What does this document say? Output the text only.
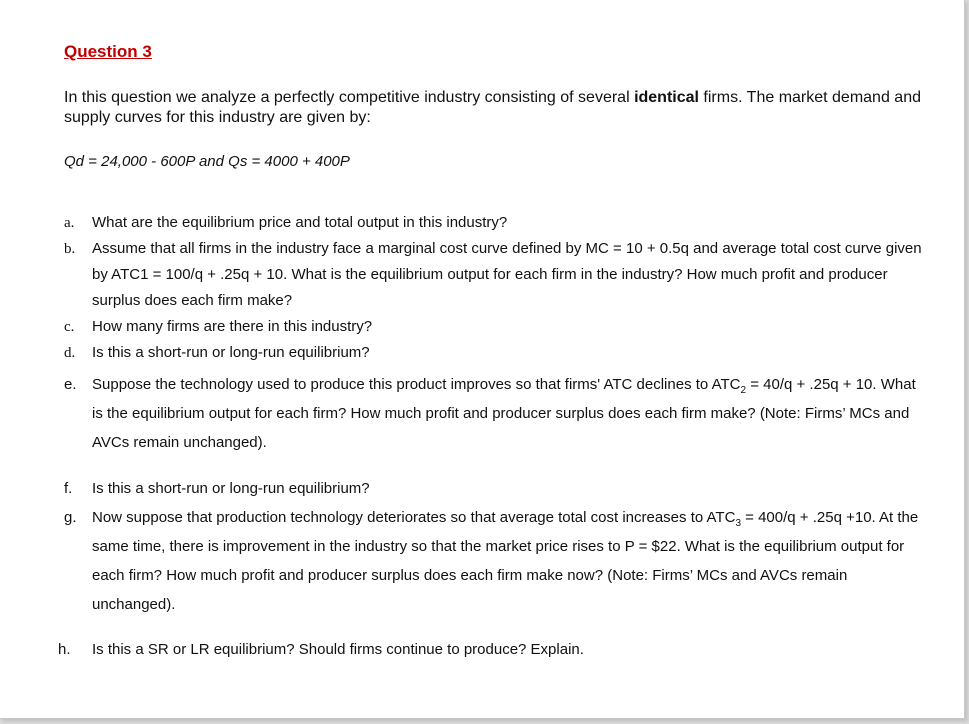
Question 3
In this question we analyze a perfectly competitive industry consisting of several identical firms. The market demand and supply curves for this industry are given by:
Qd = 24,000 - 600P and Qs = 4000 + 400P
a. What are the equilibrium price and total output in this industry?
b. Assume that all firms in the industry face a marginal cost curve defined by MC = 10 + 0.5q and average total cost curve given by ATC1 = 100/q + .25q + 10. What is the equilibrium output for each firm in the industry? How much profit and producer surplus does each firm make?
c. How many firms are there in this industry?
d. Is this a short-run or long-run equilibrium?
e. Suppose the technology used to produce this product improves so that firms' ATC declines to $ATC_2 = 40/q + .25q + 10$. What is the equilibrium output for each firm? How much profit and producer surplus does each firm make? (Note: Firms’ MCs and AVCs remain unchanged).
f. Is this a short-run or long-run equilibrium?
g. Now suppose that production technology deteriorates so that average total cost increases to $ATC_3 = 400/q + .25q +10$. At the same time, there is improvement in the industry so that the market price rises to P = $22. What is the equilibrium output for each firm? How much profit and producer surplus does each firm make now? (Note: Firms’ MCs and AVCs remain unchanged).
h. Is this a SR or LR equilibrium? Should firms continue to produce? Explain.
